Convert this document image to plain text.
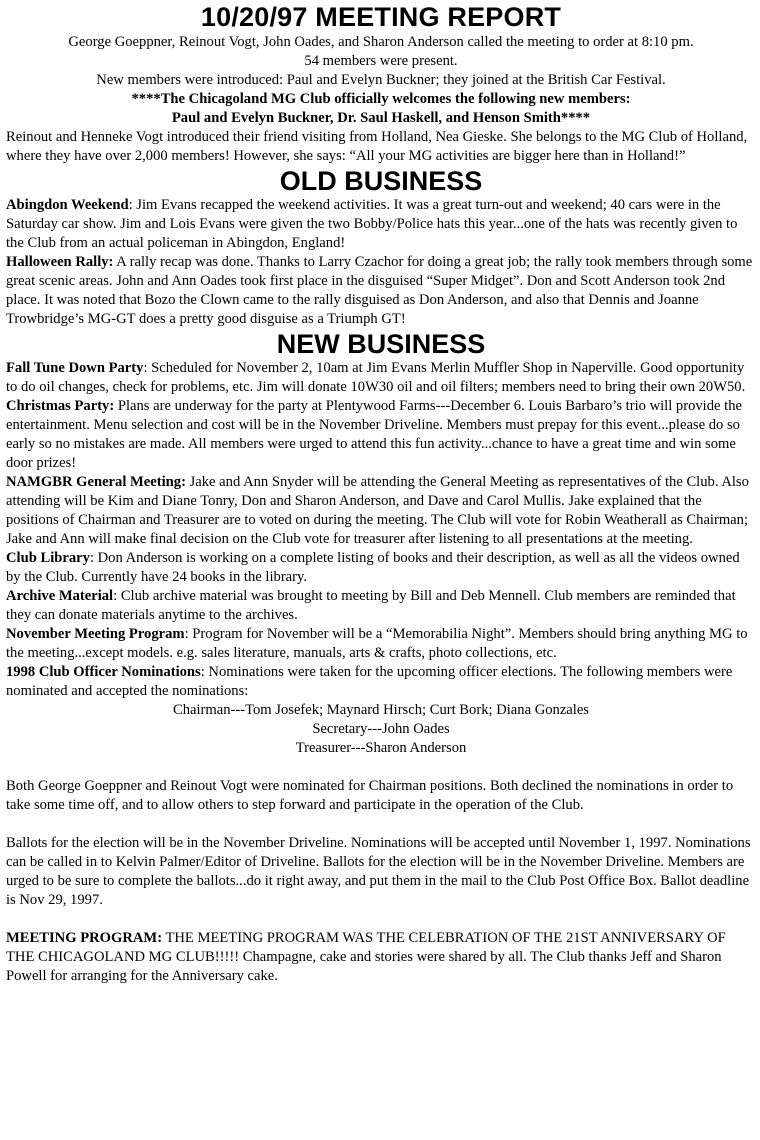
10/20/97 MEETING REPORT

George Goeppner, Reinout Vogt, John Oades, and Sharon Anderson called the meeting to order at 8:10 pm.

54 members were present.

New members were introduced: Paul and Evelyn Buckner; they joined at the British Car Festival.

****The Chicagoland MG Club officially welcomes the following new members:

Paul and Evelyn Buckner, Dr. Saul Haskell, and Henson Smith****

Reinout and Henneke Vogt introduced their friend visiting from Holland, Nea Gieske. She belongs to the MG Club of Holland, where they have over 2,000 members! However, she says: “All your MG activities are bigger here than in Holland!”

OLD BUSINESS

Abingdon Weekend: Jim Evans recapped the weekend activities. It was a great turn-out and weekend; 40 cars were in the Saturday car show. Jim and Lois Evans were given the two Bobby/Police hats this year...one of the hats was recently given to the Club from an actual policeman in Abingdon, England!

Halloween Rally: A rally recap was done. Thanks to Larry Czachor for doing a great job; the rally took members through some great scenic areas. John and Ann Oades took first place in the disguised “Super Midget”. Don and Scott Anderson took 2nd place. It was noted that Bozo the Clown came to the rally disguised as Don Anderson, and also that Dennis and Joanne Trowbridge’s MG-GT does a pretty good disguise as a Triumph GT!

NEW BUSINESS

Fall Tune Down Party: Scheduled for November 2, 10am at Jim Evans Merlin Muffler Shop in Naperville. Good opportunity to do oil changes, check for problems, etc. Jim will donate 10W30 oil and oil filters; members need to bring their own 20W50.

Christmas Party: Plans are underway for the party at Plentywood Farms---December 6. Louis Barbaro’s trio will provide the entertainment. Menu selection and cost will be in the November Driveline. Members must prepay for this event...please do so early so no mistakes are made. All members were urged to attend this fun activity...chance to have a great time and win some door prizes!

NAMGBR General Meeting: Jake and Ann Snyder will be attending the General Meeting as representatives of the Club. Also attending will be Kim and Diane Tonry, Don and Sharon Anderson, and Dave and Carol Mullis. Jake explained that the positions of Chairman and Treasurer are to voted on during the meeting. The Club will vote for Robin Weatherall as Chairman; Jake and Ann will make final decision on the Club vote for treasurer after listening to all presentations at the meeting.

Club Library: Don Anderson is working on a complete listing of books and their description, as well as all the videos owned by the Club. Currently have 24 books in the library.

Archive Material: Club archive material was brought to meeting by Bill and Deb Mennell. Club members are reminded that they can donate materials anytime to the archives.

November Meeting Program: Program for November will be a “Memorabilia Night”. Members should bring anything MG to the meeting...except models. e.g. sales literature, manuals, arts & crafts, photo collections, etc.

1998 Club Officer Nominations: Nominations were taken for the upcoming officer elections. The following members were nominated and accepted the nominations:

Chairman---Tom Josefek; Maynard Hirsch; Curt Bork; Diana Gonzales

Secretary---John Oades

Treasurer---Sharon Anderson

Both George Goeppner and Reinout Vogt were nominated for Chairman positions. Both declined the nominations in order to take some time off, and to allow others to step forward and participate in the operation of the Club.

Ballots for the election will be in the November Driveline. Nominations will be accepted until November 1, 1997. Nominations can be called in to Kelvin Palmer/Editor of Driveline. Ballots for the election will be in the November Driveline. Members are urged to be sure to complete the ballots...do it right away, and put them in the mail to the Club Post Office Box. Ballot deadline is Nov 29, 1997.

MEETING PROGRAM: THE MEETING PROGRAM WAS THE CELEBRATION OF THE 21ST ANNIVERSARY OF THE CHICAGOLAND MG CLUB!!!!! Champagne, cake and stories were shared by all. The Club thanks Jeff and Sharon Powell for arranging for the Anniversary cake.
